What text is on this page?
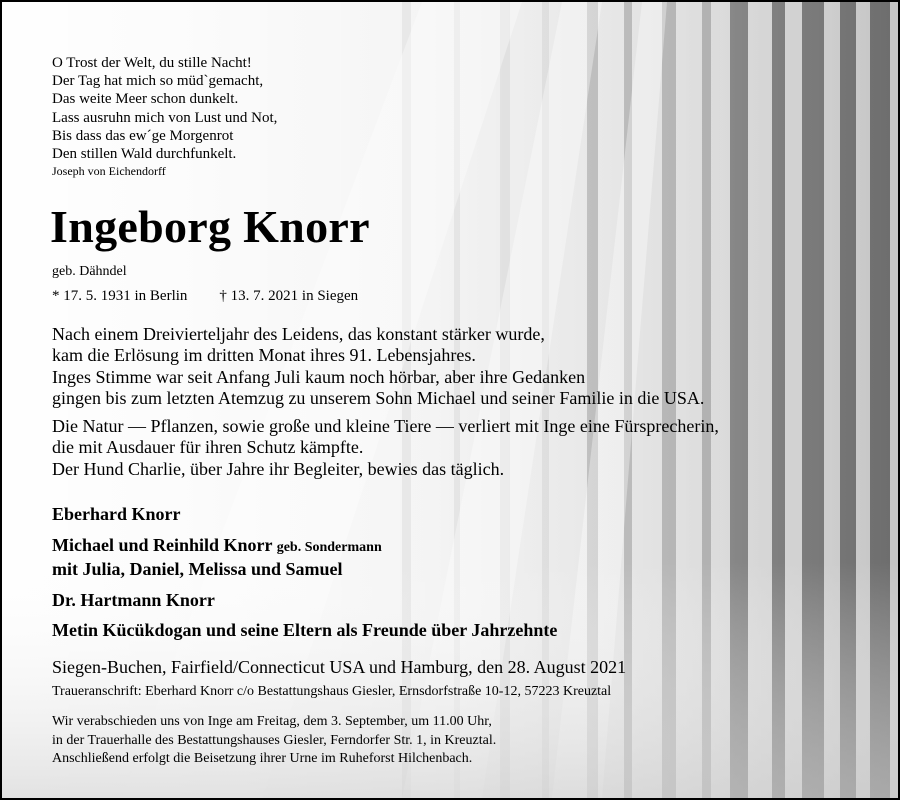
O Trost der Welt, du stille Nacht!
Der Tag hat mich so müd`gemacht,
Das weite Meer schon dunkelt.
Lass ausruhn mich von Lust und Not,
Bis dass das ew´ge Morgenrot
Den stillen Wald durchfunkelt.
Joseph von Eichendorff
Ingeborg Knorr
geb. Dähndel
* 17. 5. 1931 in Berlin † 13. 7. 2021 in Siegen
Nach einem Dreivierteljahr des Leidens, das konstant stärker wurde,
kam die Erlösung im dritten Monat ihres 91. Lebensjahres.
Inges Stimme war seit Anfang Juli kaum noch hörbar, aber ihre Gedanken
gingen bis zum letzten Atemzug zu unserem Sohn Michael und seiner Familie in die USA.
Die Natur — Pflanzen, sowie große und kleine Tiere — verliert mit Inge eine Fürsprecherin,
die mit Ausdauer für ihren Schutz kämpfte.
Der Hund Charlie, über Jahre ihr Begleiter, bewies das täglich.
Eberhard Knorr
Michael und Reinhild Knorr geb. Sondermann
mit Julia, Daniel, Melissa und Samuel
Dr. Hartmann Knorr
Metin Kücükdogan und seine Eltern als Freunde über Jahrzehnte
Siegen-Buchen, Fairfield/Connecticut USA und Hamburg, den 28. August 2021
Traueranschrift: Eberhard Knorr c/o Bestattungshaus Giesler, Ernsdorfstraße 10-12, 57223 Kreuztal
Wir verabschieden uns von Inge am Freitag, dem 3. September, um 11.00 Uhr,
in der Trauerhalle des Bestattungshauses Giesler, Ferndorfer Str. 1, in Kreuztal.
Anschließend erfolgt die Beisetzung ihrer Urne im Ruheforst Hilchenbach.
